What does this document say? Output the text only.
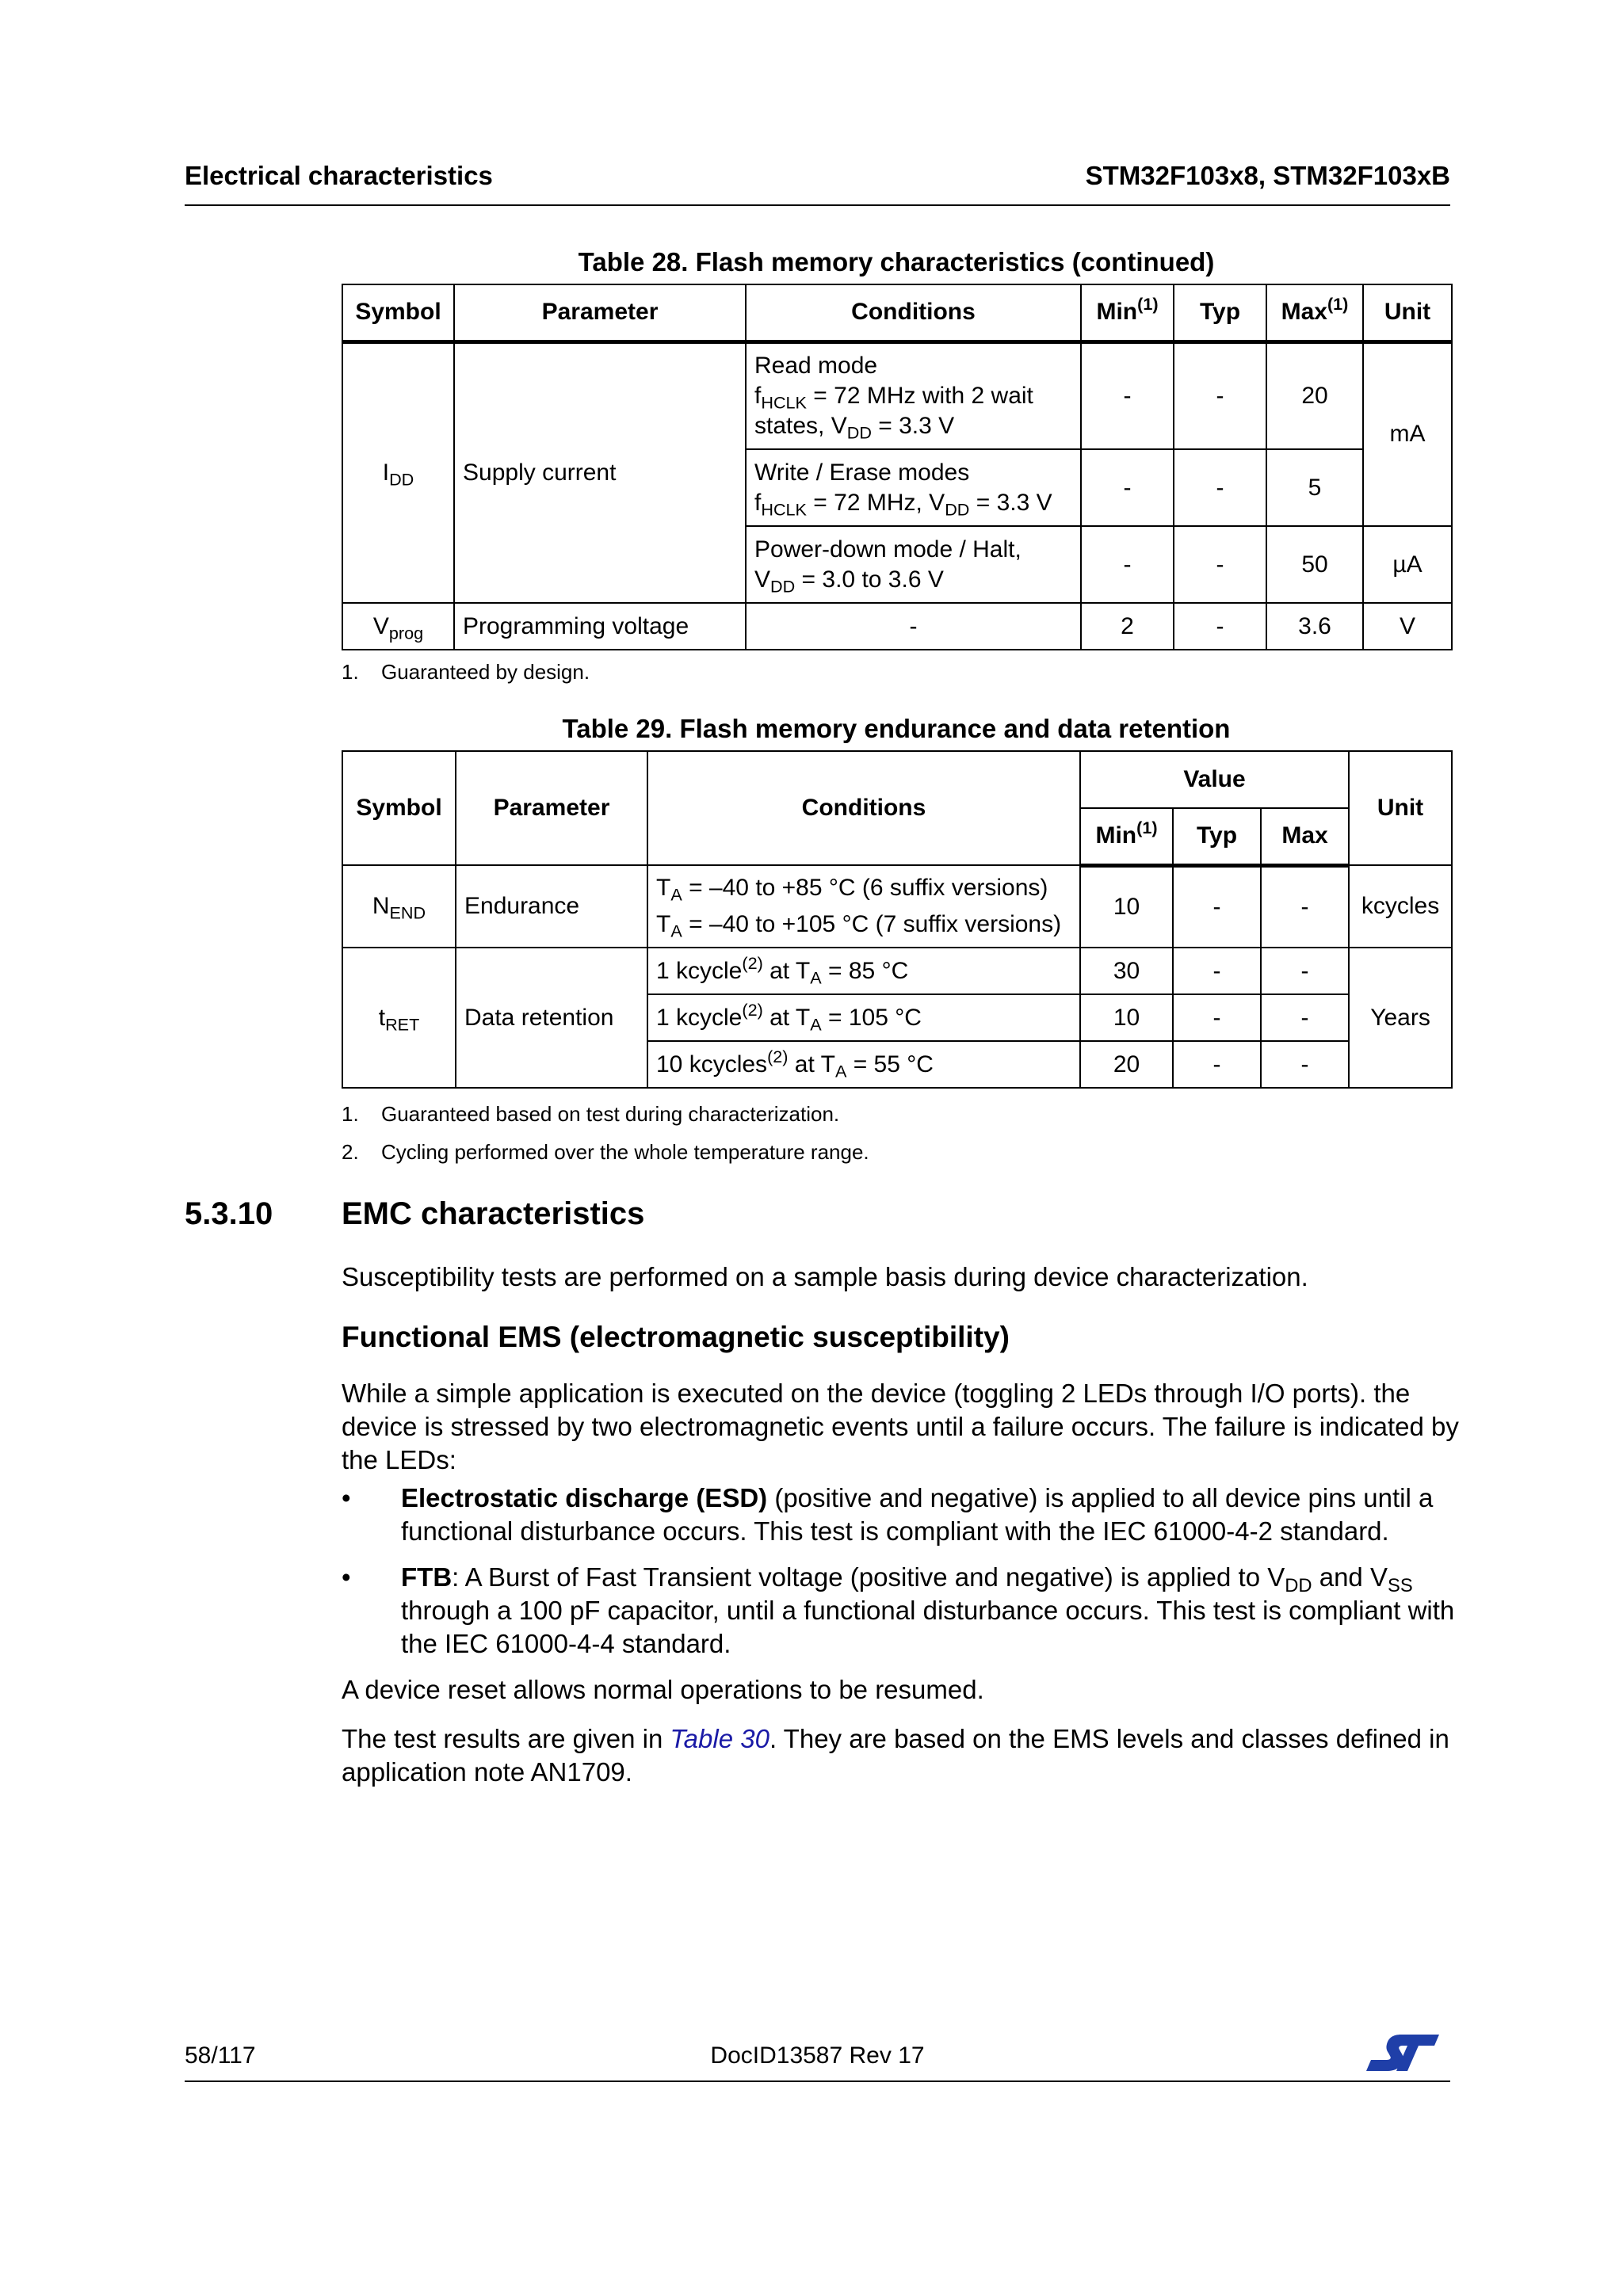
Electrical characteristics	STM32F103x8, STM32F103xB
Table 28. Flash memory characteristics (continued)
Symbol	Parameter	Conditions	Min$^{(1)}$	Typ	Max$^{(1)}$	Unit
$I_{DD}$	Supply current	Read mode
$f_{HCLK} = 72$ MHz with 2 wait
states, $V_{DD} = 3.3$ V	-	-	20	mA

		Write / Erase modes
$f_{HCLK} = 72$ MHz, $V_{DD} = 3.3$ V	-	-	5	

		Power-down mode / Halt,
$V_{DD} = 3.0$ to 3.6 V	-	-	50	µA
$V_{prog}$	Programming voltage	-	2	-	3.6	V
1. Guaranteed by design.
Table 29. Flash memory endurance and data retention
Symbol	Parameter	Conditions	Value			Unit
			Min$^{(1)}$	Typ	Max	
$N_{END}$	Endurance	$T_A = -40$ to +85 °C (6 suffix versions)
$T_A = -40$ to +105 °C (7 suffix versions)	10	-	-	kcycles
$t_{RET}$	Data retention	1 kcycle$^{(2)}$ at $T_A = 85$ °C	30	-	-	Years
		1 kcycle$^{(2)}$ at $T_A = 105$ °C	10	-	-	
		10 kcycles$^{(2)}$ at $T_A = 55$ °C	20	-	-	
1. Guaranteed based on test during characterization.
2. Cycling performed over the whole temperature range.
5.3.10 EMC characteristics
Susceptibility tests are performed on a sample basis during device characterization.
Functional EMS (electromagnetic susceptibility)
While a simple application is executed on the device (toggling 2 LEDs through I/O ports). the device is stressed by two electromagnetic events until a failure occurs. The failure is indicated by the LEDs:
•	Electrostatic discharge (ESD) (positive and negative) is applied to all device pins until a functional disturbance occurs. This test is compliant with the IEC 61000-4-2 standard.
•	FTB: A Burst of Fast Transient voltage (positive and negative) is applied to $V_{DD}$ and $V_{SS}$ through a 100 pF capacitor, until a functional disturbance occurs. This test is compliant with the IEC 61000-4-4 standard.
A device reset allows normal operations to be resumed.
The test results are given in Table 30. They are based on the EMS levels and classes defined in application note AN1709.
58/117	DocID13587 Rev 17
